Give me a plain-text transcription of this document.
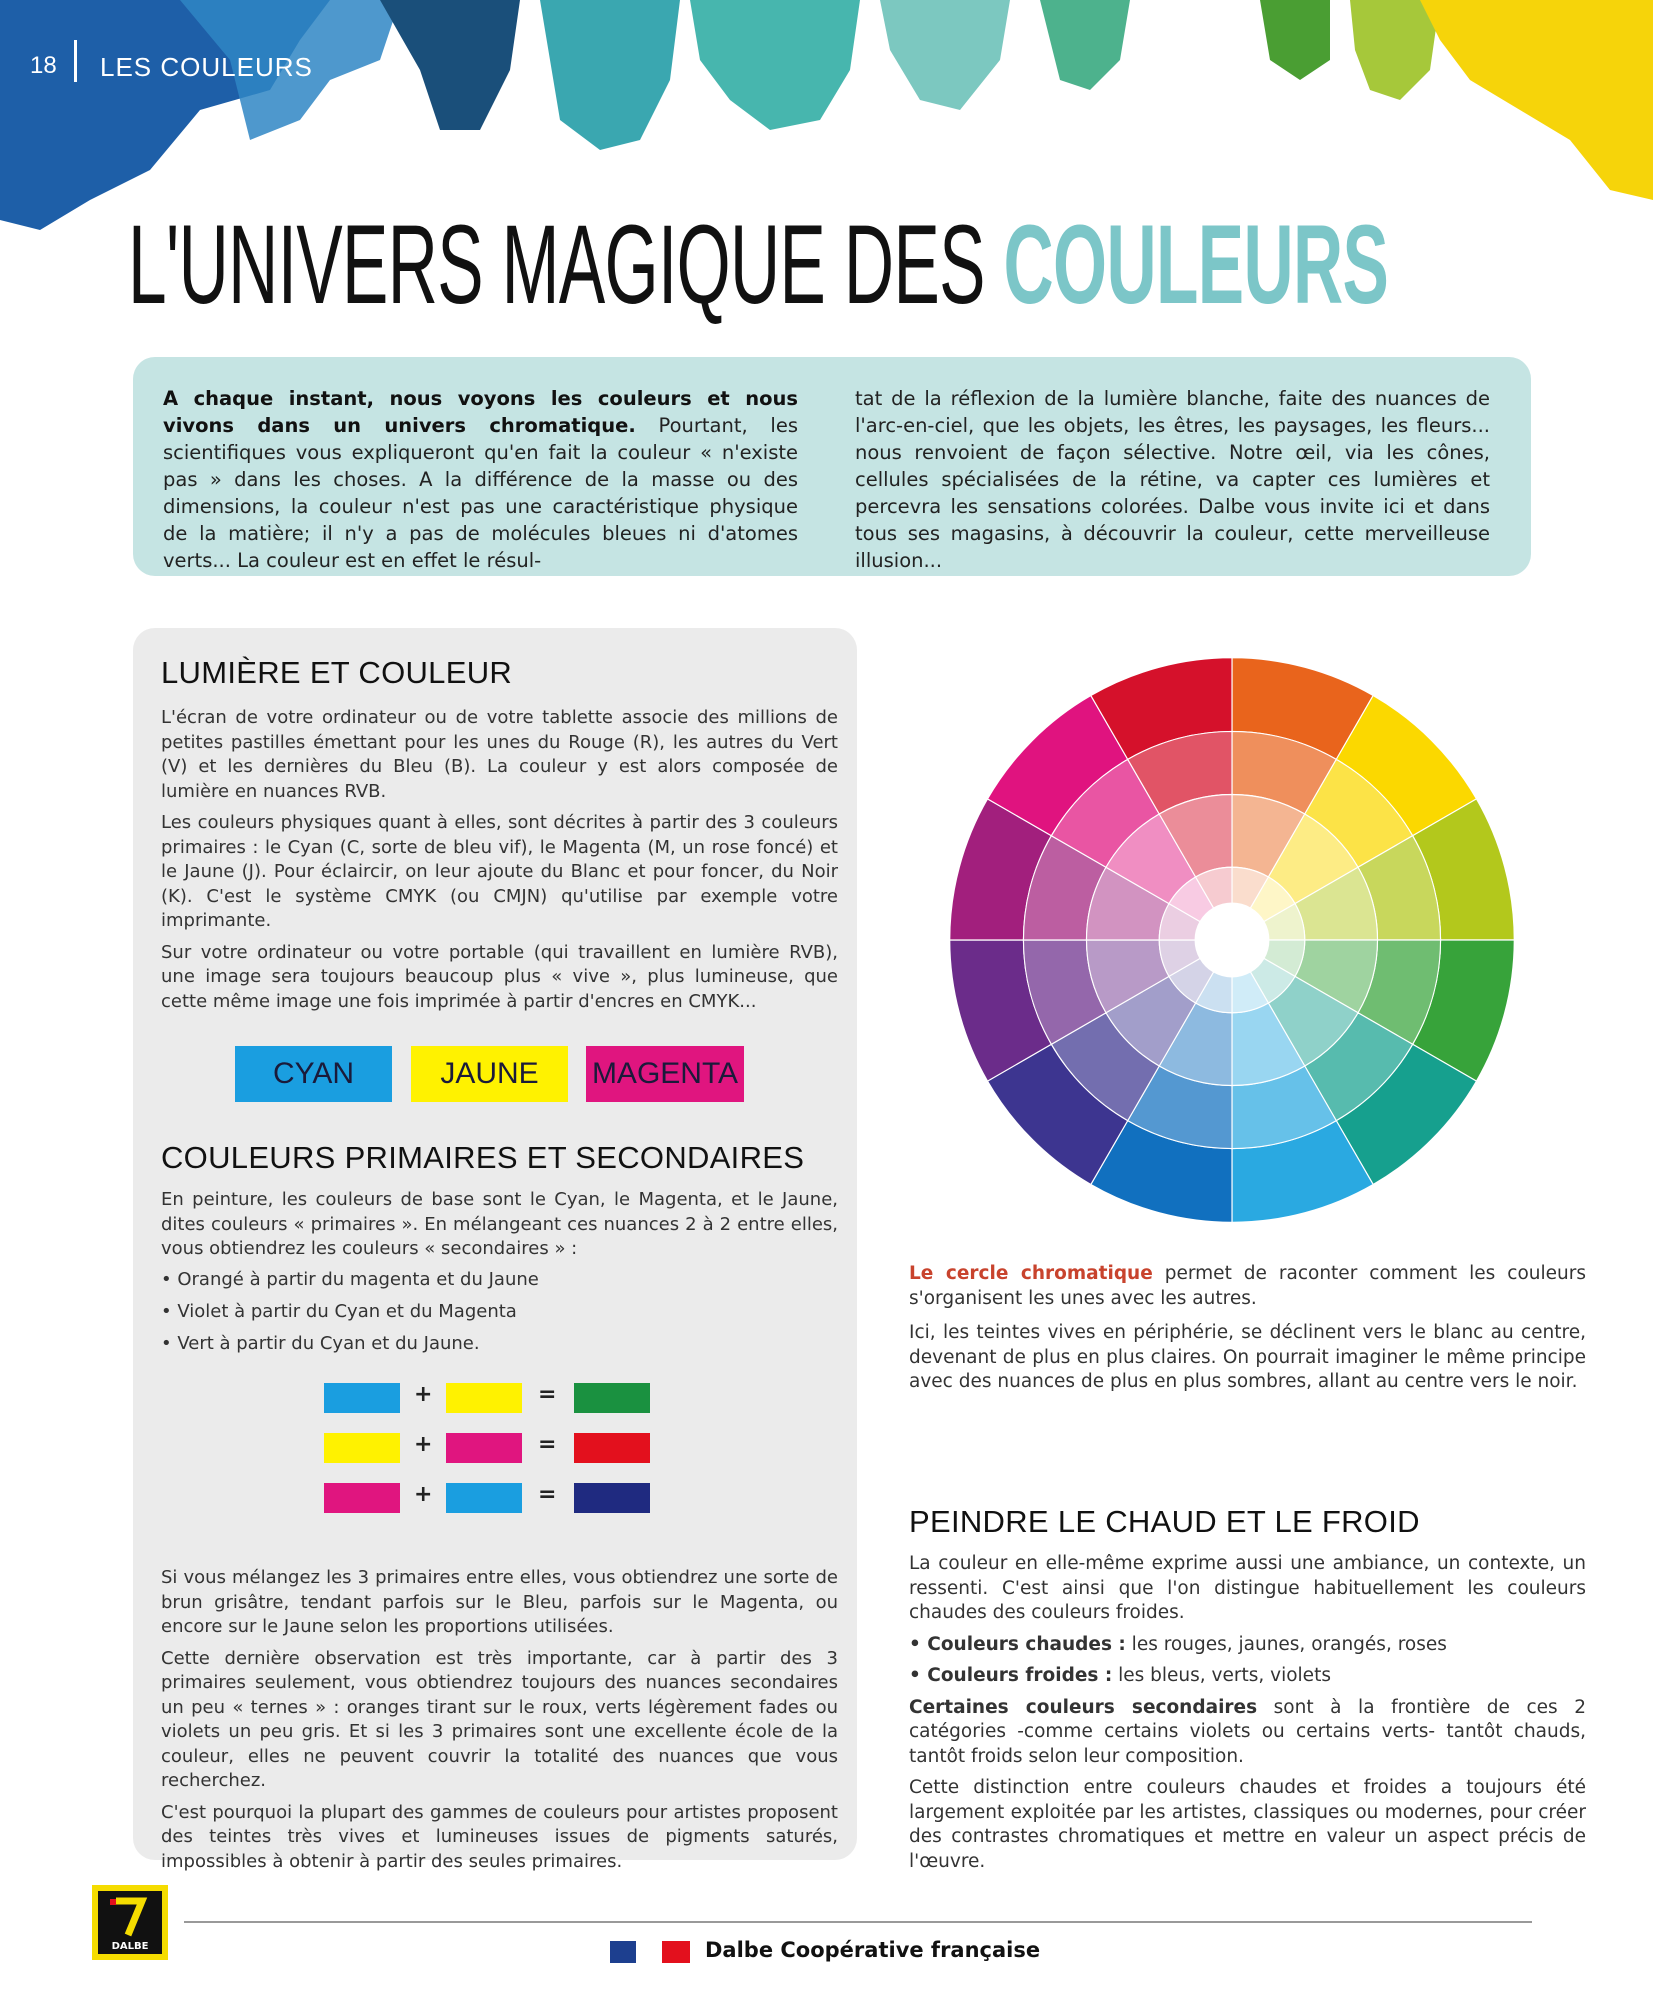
18 LES COULEURS
L'UNIVERS MAGIQUE DES COULEURS
A chaque instant, nous voyons les couleurs et nous vivons dans un univers chromatique. Pourtant, les scientifiques vous expliqueront qu'en fait la couleur « n'existe pas » dans les choses. A la différence de la masse ou des dimensions, la couleur n'est pas une caractéristique physique de la matière; il n'y a pas de molécules bleues ni d'atomes verts... La couleur est en effet le résul-
tat de la réflexion de la lumière blanche, faite des nuances de l'arc-en-ciel, que les objets, les êtres, les paysages, les fleurs... nous renvoient de façon sélective. Notre œil, via les cônes, cellules spécialisées de la rétine, va capter ces lumières et percevra les sensations colorées. Dalbe vous invite ici et dans tous ses magasins, à découvrir la couleur, cette merveilleuse illusion...
LUMIÈRE ET COULEUR

L'écran de votre ordinateur ou de votre tablette associe des millions de petites pastilles émettant pour les unes du Rouge (R), les autres du Vert (V) et les dernières du Bleu (B). La couleur y est alors composée de lumière en nuances RVB.

Les couleurs physiques quant à elles, sont décrites à partir des 3 couleurs primaires : le Cyan (C, sorte de bleu vif), le Magenta (M, un rose foncé) et le Jaune (J). Pour éclaircir, on leur ajoute du Blanc et pour foncer, du Noir (K). C'est le système CMYK (ou CMJN) qu'utilise par exemple votre imprimante.

Sur votre ordinateur ou votre portable (qui travaillent en lumière RVB), une image sera toujours beaucoup plus « vive », plus lumineuse, que cette même image une fois imprimée à partir d'encres en CMYK...

CYAN	JAUNE	MAGENTA
COULEURS PRIMAIRES ET SECONDAIRES
En peinture, les couleurs de base sont le Cyan, le Magenta, et le Jaune, dites couleurs « primaires ». En mélangeant ces nuances 2 à 2 entre elles, vous obtiendrez les couleurs « secondaires » :
• Orangé à partir du magenta et du Jaune
• Violet à partir du Cyan et du Magenta
• Vert à partir du Cyan et du Jaune.
+	=
+	=
+	=

Si vous mélangez les 3 primaires entre elles, vous obtiendrez une sorte de brun grisâtre, tendant parfois sur le Bleu, parfois sur le Magenta, ou encore sur le Jaune selon les proportions utilisées.

Cette dernière observation est très importante, car à partir des 3 primaires seulement, vous obtiendrez toujours des nuances secondaires un peu « ternes » : oranges tirant sur le roux, verts légèrement fades ou violets un peu gris. Et si les 3 primaires sont une excellente école de la couleur, elles ne peuvent couvrir la totalité des nuances que vous recherchez.

C'est pourquoi la plupart des gammes de couleurs pour artistes proposent des teintes très vives et lumineuses issues de pigments saturés, impossibles à obtenir à partir des seules primaires.

Le cercle chromatique permet de raconter comment les couleurs s'organisent les unes avec les autres.

Ici, les teintes vives en périphérie, se déclinent vers le blanc au centre, devenant de plus en plus claires. On pourrait imaginer le même principe avec des nuances de plus en plus sombres, allant au centre vers le noir.

PEINDRE LE CHAUD ET LE FROID

La couleur en elle-même exprime aussi une ambiance, un contexte, un ressenti. C'est ainsi que l'on distingue habituellement les couleurs chaudes des couleurs froides.

• Couleurs chaudes : les rouges, jaunes, orangés, roses

• Couleurs froides : les bleus, verts, violets

Certaines couleurs secondaires sont à la frontière de ces 2 catégories -comme certains violets ou certains verts- tantôt chauds, tantôt froids selon leur composition.

Cette distinction entre couleurs chaudes et froides a toujours été largement exploitée par les artistes, classiques ou modernes, pour créer des contrastes chromatiques et mettre en valeur un aspect précis de l'œuvre.

DALBE	Dalbe Coopérative française
